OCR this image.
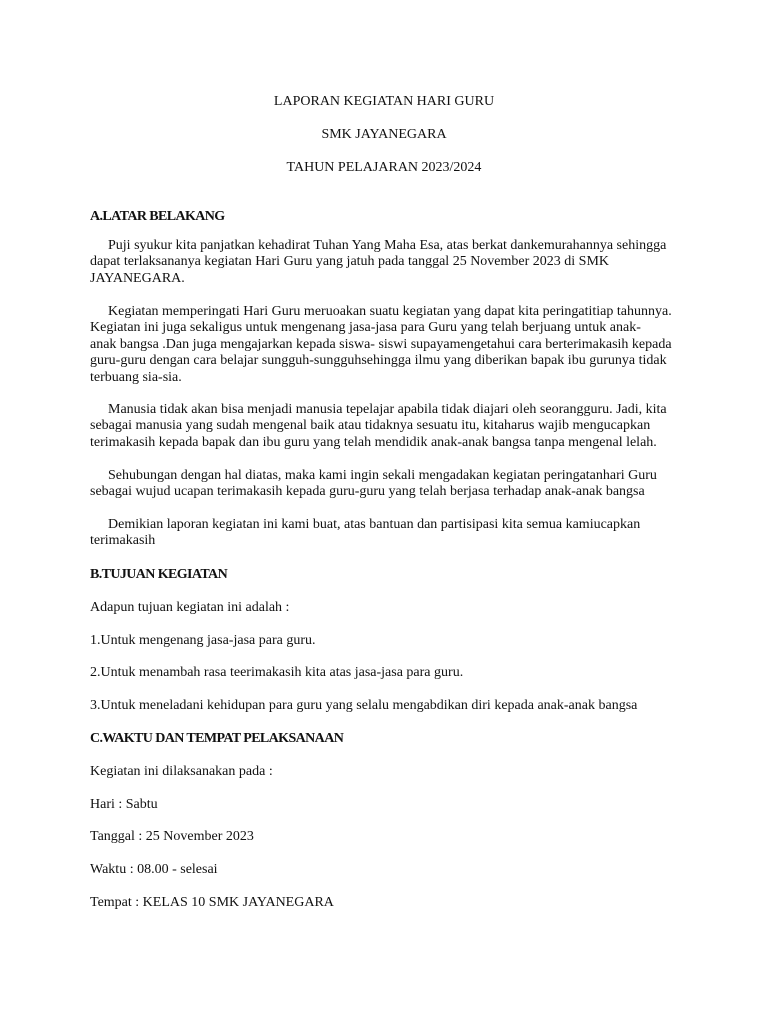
LAPORAN KEGIATAN HARI GURU
SMK JAYANEGARA
TAHUN PELAJARAN 2023/2024
A.LATAR BELAKANG
Puji syukur kita panjatkan kehadirat Tuhan Yang Maha Esa, atas berkat dankemurahannya sehingga
dapat terlaksananya kegiatan Hari Guru yang jatuh pada tanggal 25 November 2023 di SMK
JAYANEGARA.
Kegiatan memperingati Hari Guru meruoakan suatu kegiatan yang dapat kita peringatitiap tahunnya.
Kegiatan ini juga sekaligus untuk mengenang jasa-jasa para Guru yang telah berjuang untuk anak-
anak bangsa .Dan juga mengajarkan kepada siswa- siswi supayamengetahui cara berterimakasih kepada
guru-guru dengan cara belajar sungguh-sungguhsehingga ilmu yang diberikan bapak ibu gurunya tidak
terbuang sia-sia.
Manusia tidak akan bisa menjadi manusia tepelajar apabila tidak diajari oleh seorangguru. Jadi, kita
sebagai manusia yang sudah mengenal baik atau tidaknya sesuatu itu, kitaharus wajib mengucapkan
terimakasih kepada bapak dan ibu guru yang telah mendidik anak-anak bangsa tanpa mengenal lelah.
Sehubungan dengan hal diatas, maka kami ingin sekali mengadakan kegiatan peringatanhari Guru
sebagai wujud ucapan terimakasih kepada guru-guru yang telah berjasa terhadap anak-anak bangsa
Demikian laporan kegiatan ini kami buat, atas bantuan dan partisipasi kita semua kamiucapkan
terimakasih
B.TUJUAN KEGIATAN
Adapun tujuan kegiatan ini adalah :
1.Untuk mengenang jasa-jasa para guru.
2.Untuk menambah rasa teerimakasih kita atas jasa-jasa para guru.
3.Untuk meneladani kehidupan para guru yang selalu mengabdikan diri kepada anak-anak bangsa
C.WAKTU DAN TEMPAT PELAKSANAAN
Kegiatan ini dilaksanakan pada :
Hari : Sabtu
Tanggal : 25 November 2023
Waktu : 08.00 - selesai
Tempat : KELAS 10 SMK JAYANEGARA
